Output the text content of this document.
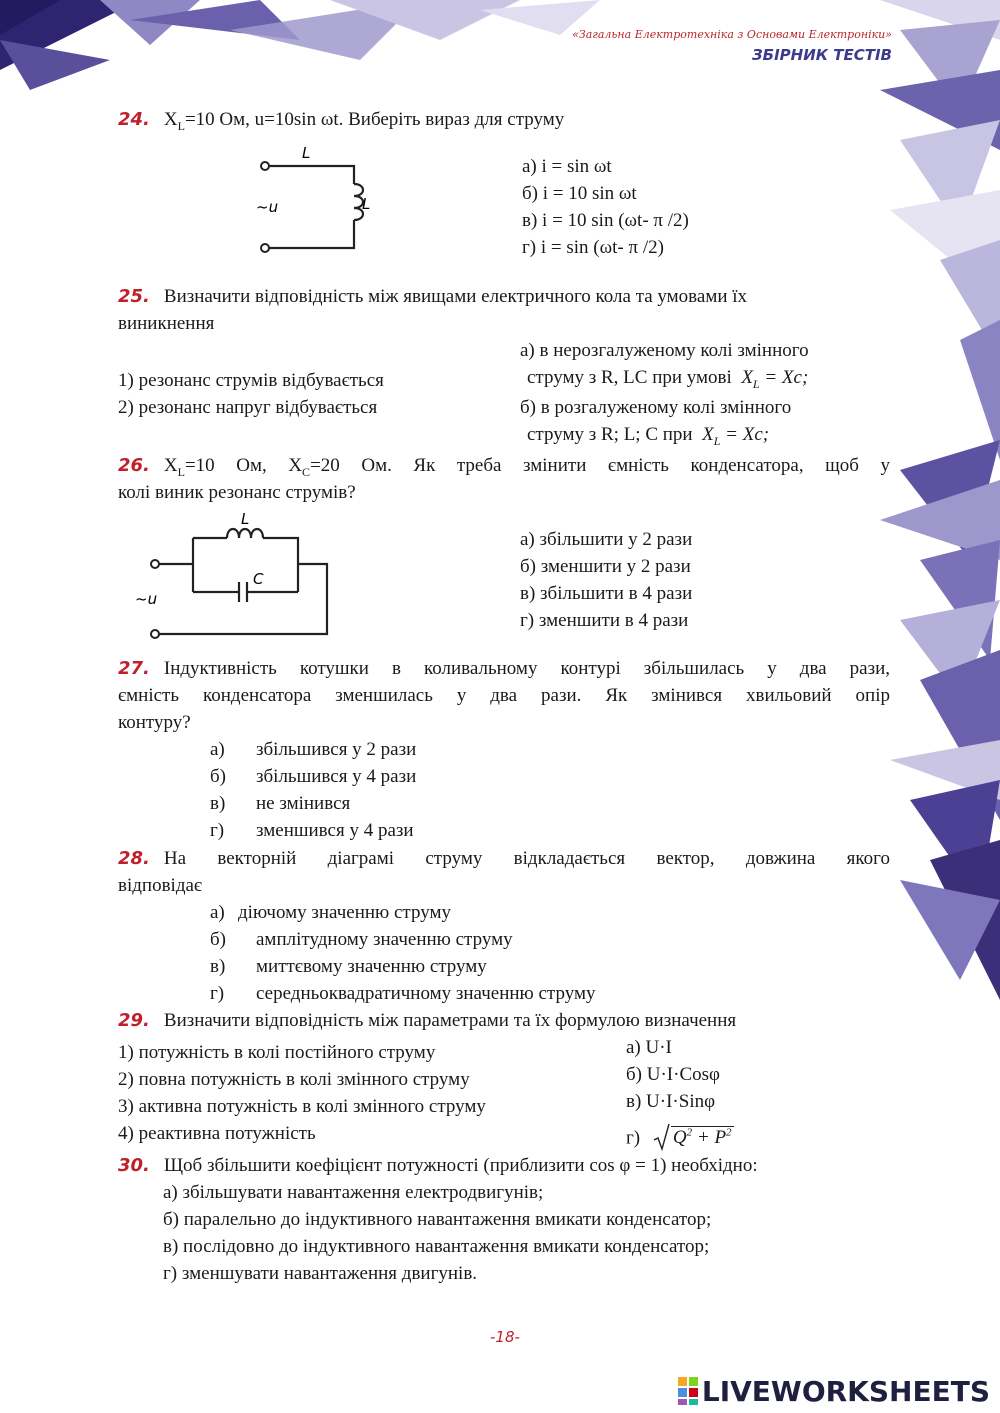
«Загальна Електротехніка з Основами Електроніки»
ЗБІРНИК ТЕСТІВ
24. $X_L=10$ Ом, u=10sin ωt. Виберіть вираз для струму
L
L
~u
а) i = sin ωt
б) i = 10 sin ωt
в) i = 10 sin (ωt- π /2)
г) i = sin (ωt- π /2)
25. Визначити відповідність між явищами електричного кола та умовами їх
виникнення
1) резонанс струмів відбувається
2) резонанс напруг відбувається
а) в нерозгалуженому колі змінного
струму з R, LC при умові $X_L = Xc$;
б) в розгалуженому колі змінного
струму з R; L; C при $X_L = Xc$;
26. $X_L=10$ Ом, $X_C=20$ Ом. Як треба змінити ємність конденсатора, щоб у
колі виник резонанс струмів?
L
C
~u
а) збільшити у 2 рази
б) зменшити у 2 рази
в) збільшити в 4 рази
г) зменшити в 4 рази
27. Індуктивність котушки в коливальному контурі збільшилась у два рази,
ємність конденсатора зменшилась у два рази. Як змінився хвильовий опір
контуру?
а) збільшився у 2 рази
б) збільшився у 4 рази
в) не змінився
г) зменшився у 4 рази
28. На векторній діаграмі струму відкладається вектор, довжина якого
відповідає
а) діючому значенню струму
б) амплітудному значенню струму
в) миттєвому значенню струму
г) середньоквадратичному значенню струму
29. Визначити відповідність між параметрами та їх формулою визначення
1) потужність в колі постійного струму
2) повна потужність в колі змінного струму
3) активна потужність в колі змінного струму
4) реактивна потужність
а) U·I
б) U·I·Cosφ
в) U·I·Sinφ
г) $Q^2 + P^2$
30. Щоб збільшити коефіцієнт потужності (приблизити cos φ = 1) необхідно:
а) збільшувати навантаження електродвигунів;
б) паралельно до індуктивного навантаження вмикати конденсатор;
в) послідовно до індуктивного навантаження вмикати конденсатор;
г) зменшувати навантаження двигунів.
-18-
LIVEWORKSHEETS
